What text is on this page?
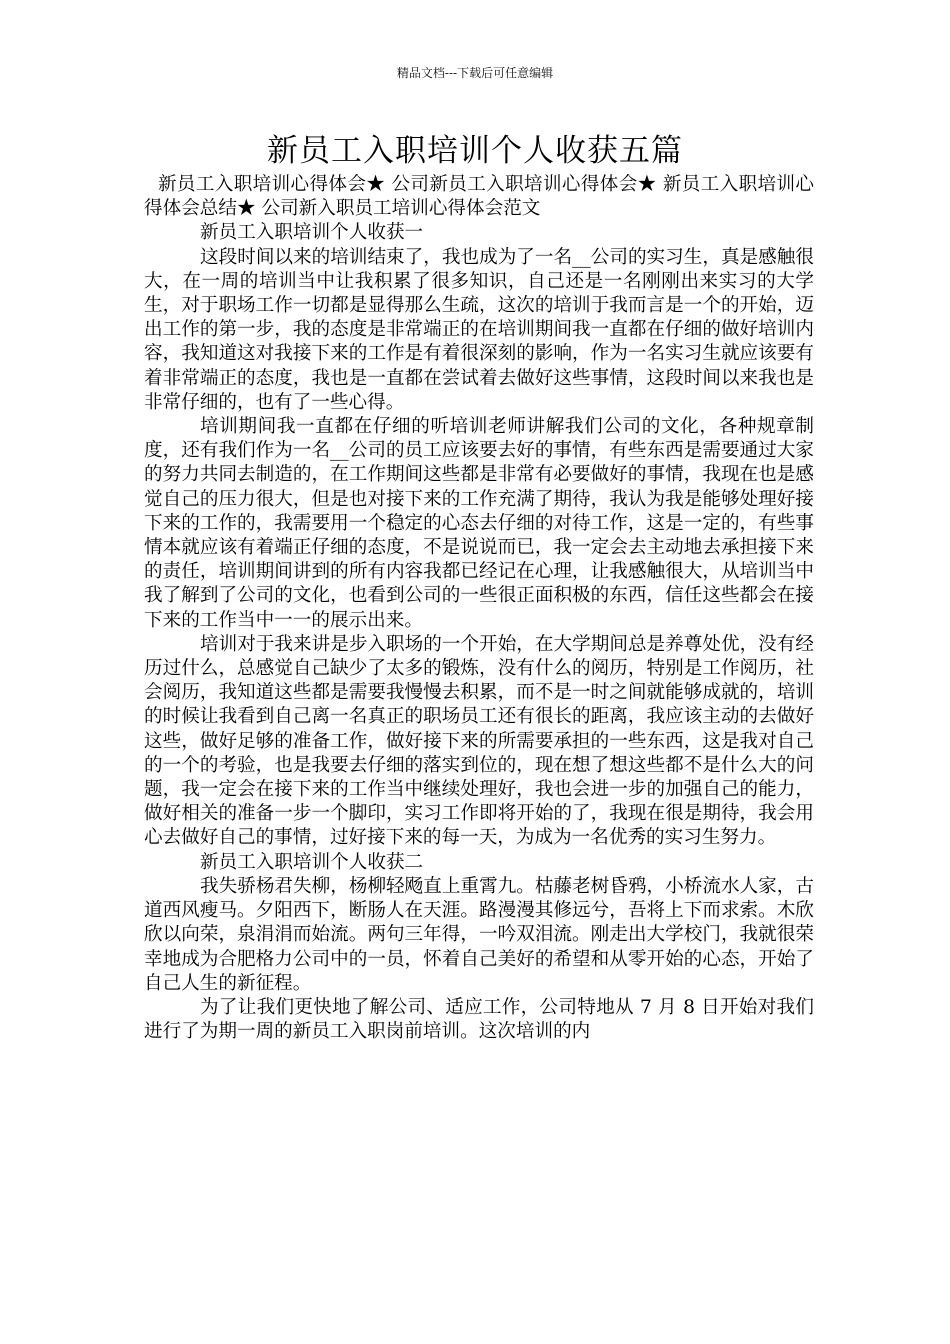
精品文档---下载后可任意编辑
新员工入职培训个人收获五篇

新员工入职培训心得体会★ 公司新员工入职培训心得体会★ 新员工入职培训心得体会总结★ 公司新入职员工培训心得体会范文

新员工入职培训个人收获一

这段时间以来的培训结束了，我也成为了一名__公司的实习生，真是感触很大，在一周的培训当中让我积累了很多知识，自己还是一名刚刚出来实习的大学生，对于职场工作一切都是显得那么生疏，这次的培训于我而言是一个的开始，迈出工作的第一步，我的态度是非常端正的在培训期间我一直都在仔细的做好培训内容，我知道这对我接下来的工作是有着很深刻的影响，作为一名实习生就应该要有着非常端正的态度，我也是一直都在尝试着去做好这些事情，这段时间以来我也是非常仔细的，也有了一些心得。

培训期间我一直都在仔细的听培训老师讲解我们公司的文化，各种规章制度，还有我们作为一名__公司的员工应该要去好的事情，有些东西是需要通过大家的努力共同去制造的，在工作期间这些都是非常有必要做好的事情，我现在也是感觉自己的压力很大，但是也对接下来的工作充满了期待，我认为我是能够处理好接下来的工作的，我需要用一个稳定的心态去仔细的对待工作，这是一定的，有些事情本就应该有着端正仔细的态度，不是说说而已，我一定会去主动地去承担接下来的责任，培训期间讲到的所有内容我都已经记在心理，让我感触很大，从培训当中我了解到了公司的文化，也看到公司的一些很正面积极的东西，信任这些都会在接下来的工作当中一一的展示出来。

培训对于我来讲是步入职场的一个开始，在大学期间总是养尊处优，没有经历过什么，总感觉自己缺少了太多的锻炼，没有什么的阅历，特别是工作阅历，社会阅历，我知道这些都是需要我慢慢去积累，而不是一时之间就能够成就的，培训的时候让我看到自己离一名真正的职场员工还有很长的距离，我应该主动的去做好这些，做好足够的准备工作，做好接下来的所需要承担的一些东西，这是我对自己的一个的考验，也是我要去仔细的落实到位的，现在想了想这些都不是什么大的问题，我一定会在接下来的工作当中继续处理好，我也会进一步的加强自己的能力，做好相关的准备一步一个脚印，实习工作即将开始的了，我现在很是期待，我会用心去做好自己的事情，过好接下来的每一天，为成为一名优秀的实习生努力。

新员工入职培训个人收获二

我失骄杨君失柳，杨柳轻飏直上重霄九。枯藤老树昏鸦，小桥流水人家，古道西风瘦马。夕阳西下，断肠人在天涯。路漫漫其修远兮，吾将上下而求索。木欣欣以向荣，泉涓涓而始流。两句三年得，一吟双泪流。刚走出大学校门，我就很荣幸地成为合肥格力公司中的一员，怀着自己美好的希望和从零开始的心态，开始了自己人生的新征程。

为了让我们更快地了解公司、适应工作，公司特地从 7 月 8 日开始对我们进行了为期一周的新员工入职岗前培训。这次培训的内
